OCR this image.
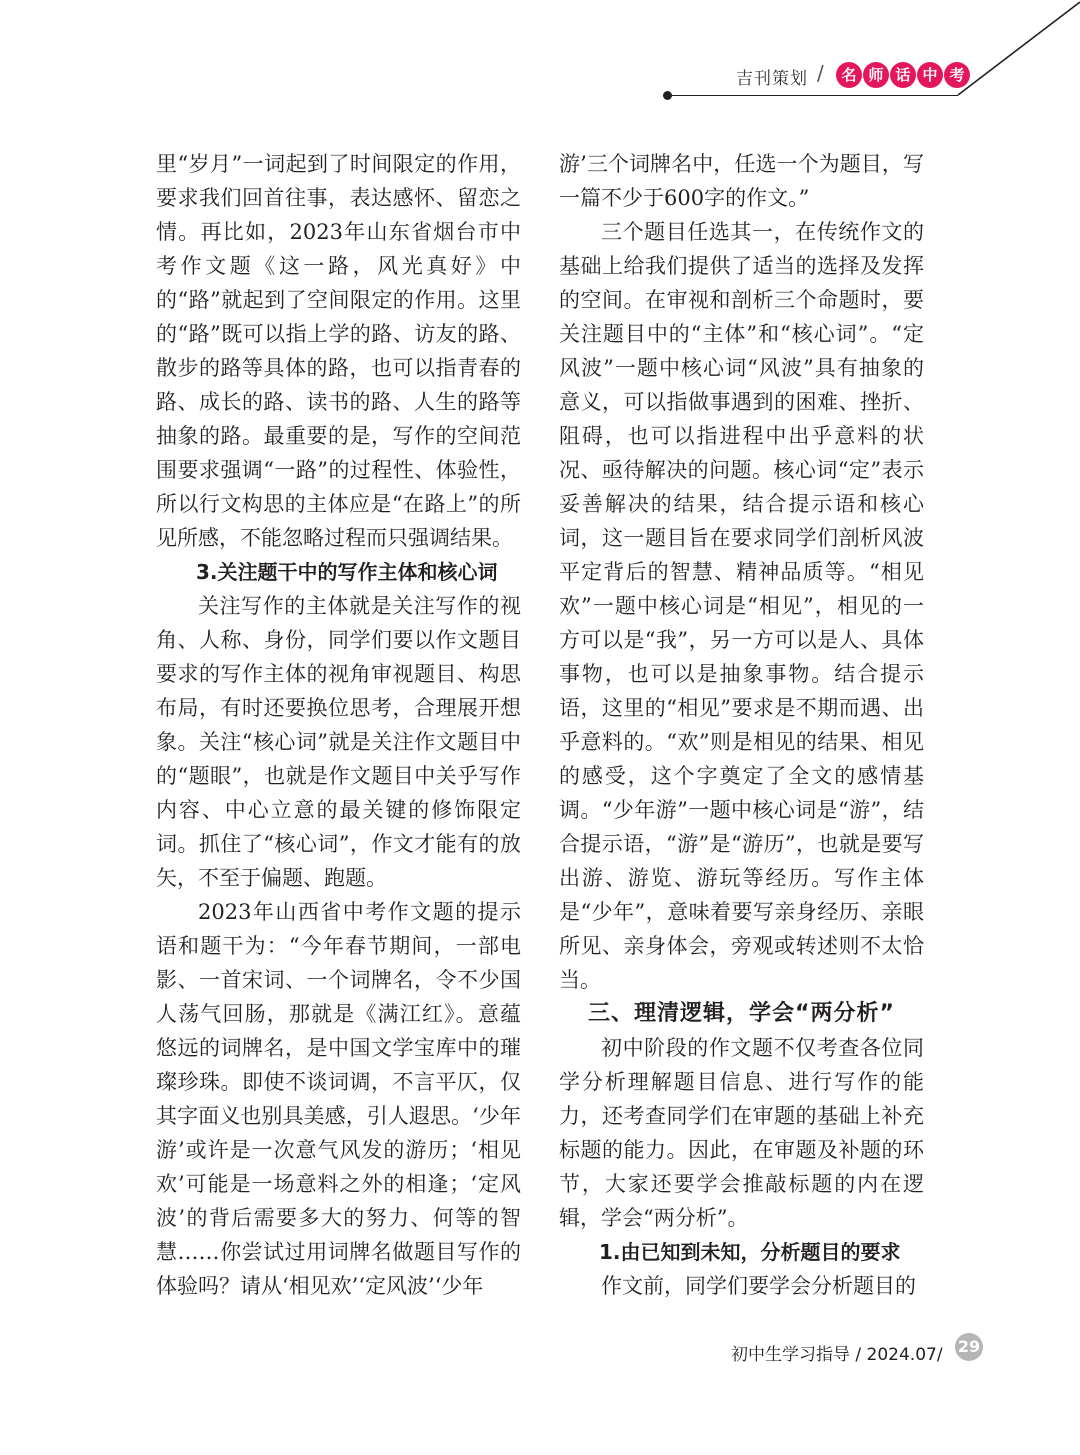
吉刊策划 /	名 师 话 中 考

里“岁月”一词起到了时间限定的作用，要求我们回首往事，表达感怀、留恋之情。再比如，2023年山东省烟台市中考作文题《这一路，风光真好》中的“路”就起到了空间限定的作用。这里的“路”既可以指上学的路、访友的路、散步的路等具体的路，也可以指青春的路、成长的路、读书的路、人生的路等抽象的路。最重要的是，写作的空间范围要求强调“一路”的过程性、体验性，所以行文构思的主体应是“在路上”的所见所感，不能忽略过程而只强调结果。

3.关注题干中的写作主体和核心词

关注写作的主体就是关注写作的视角、人称、身份，同学们要以作文题目要求的写作主体的视角审视题目、构思布局，有时还要换位思考，合理展开想象。关注“核心词”就是关注作文题目中的“题眼”，也就是作文题目中关乎写作内容、中心立意的最关键的修饰限定词。抓住了“核心词”，作文才能有的放矢，不至于偏题、跑题。

2023年山西省中考作文题的提示语和题干为：“今年春节期间，一部电影、一首宋词、一个词牌名，令不少国人荡气回肠，那就是《满江红》。意蕴悠远的词牌名，是中国文学宝库中的璀璨珍珠。即使不谈词调，不言平仄，仅其字面义也别具美感，引人遐思。‘少年游’或许是一次意气风发的游历；‘相见欢’可能是一场意料之外的相逢；‘定风波’的背后需要多大的努力、何等的智慧……你尝试过用词牌名做题目写作的体验吗？请从‘相见欢’‘定风波’‘少年

游’三个词牌名中，任选一个为题目，写一篇不少于600字的作文。”

三个题目任选其一，在传统作文的基础上给我们提供了适当的选择及发挥的空间。在审视和剖析三个命题时，要关注题目中的“主体”和“核心词”。“定风波”一题中核心词“风波”具有抽象的意义，可以指做事遇到的困难、挫折、阻碍，也可以指进程中出乎意料的状况、亟待解决的问题。核心词“定”表示妥善解决的结果，结合提示语和核心词，这一题目旨在要求同学们剖析风波平定背后的智慧、精神品质等。“相见欢”一题中核心词是“相见”，相见的一方可以是“我”，另一方可以是人、具体事物，也可以是抽象事物。结合提示语，这里的“相见”要求是不期而遇、出乎意料的。“欢”则是相见的结果、相见的感受，这个字奠定了全文的感情基调。“少年游”一题中核心词是“游”，结合提示语，“游”是“游历”，也就是要写出游、游览、游玩等经历。写作主体是“少年”，意味着要写亲身经历、亲眼所见、亲身体会，旁观或转述则不太恰当。

三、理清逻辑，学会“两分析”

初中阶段的作文题不仅考查各位同学分析理解题目信息、进行写作的能力，还考查同学们在审题的基础上补充标题的能力。因此，在审题及补题的环节，大家还要学会推敲标题的内在逻辑，学会“两分析”。

1.由已知到未知，分析题目的要求

作文前，同学们要学会分析题目的

初中生学习指导 / 2024.07/ 29
